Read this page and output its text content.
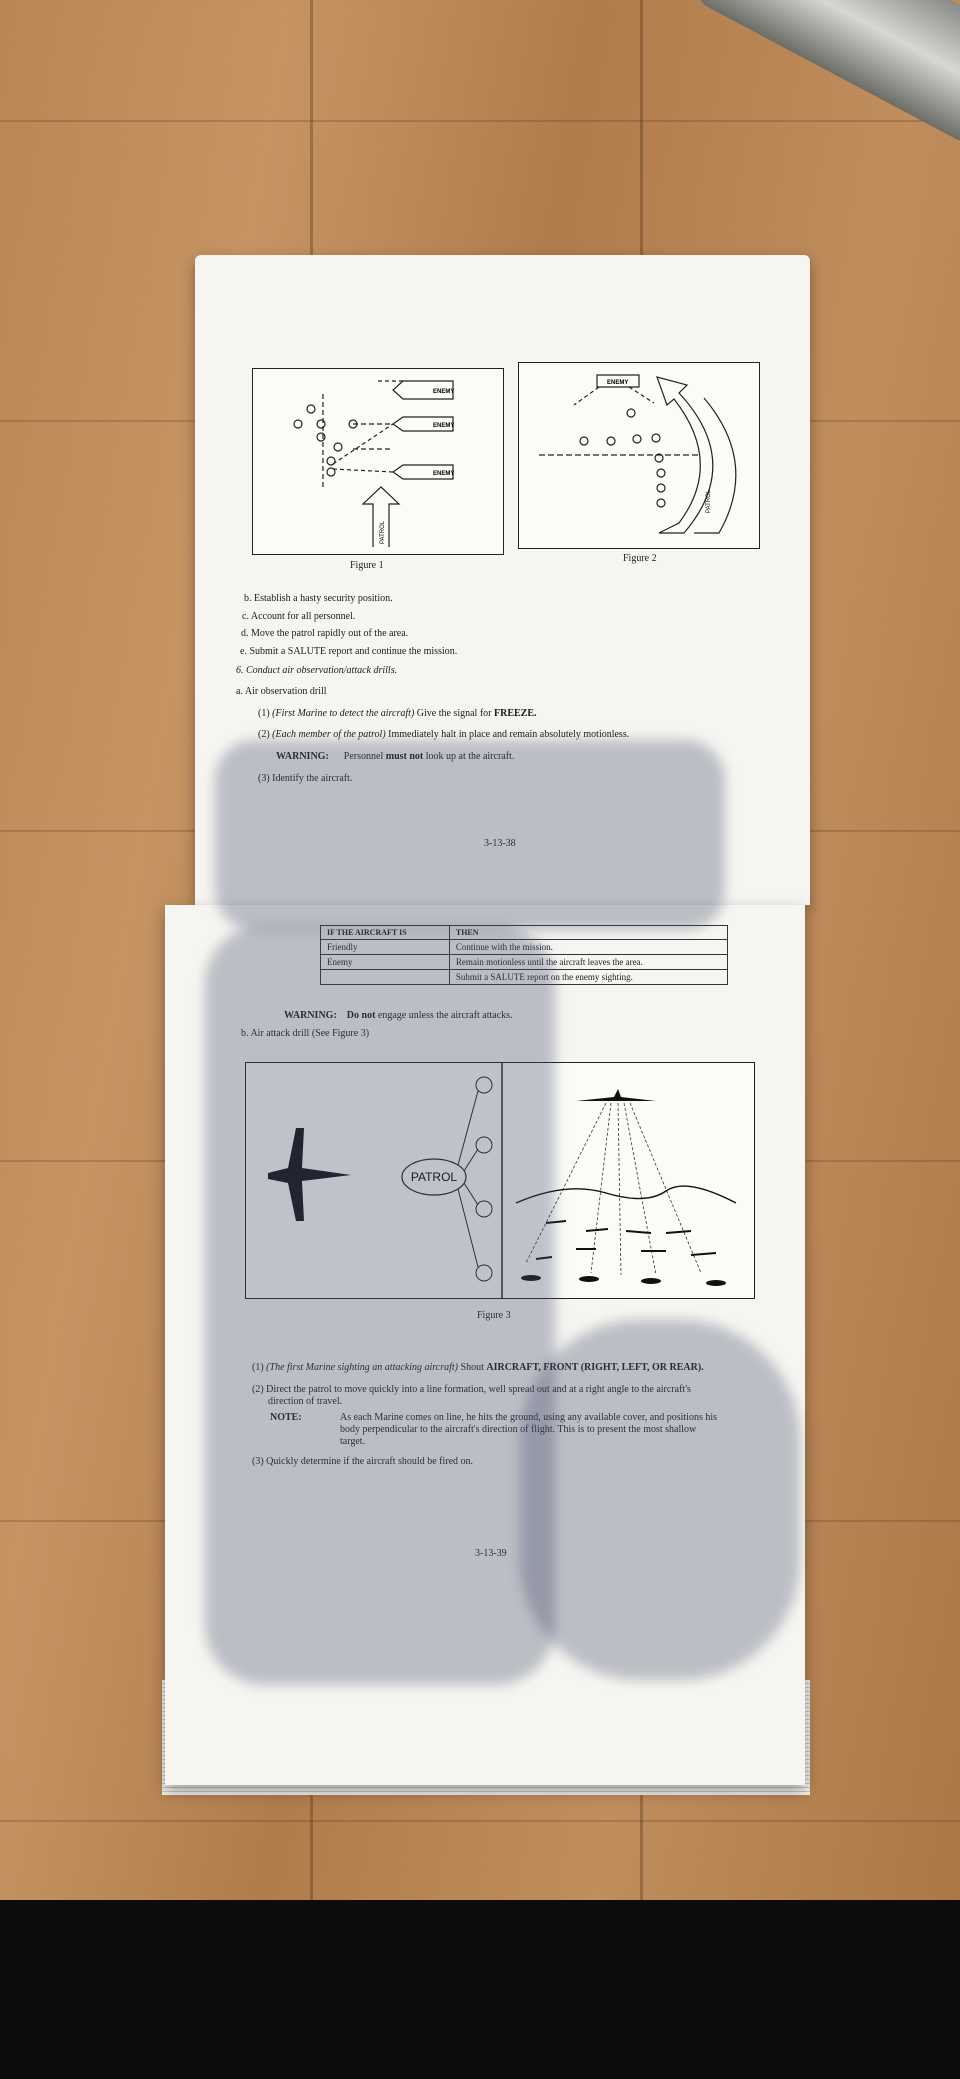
ENEMY
ENEMY
ENEMY
PATROL
Figure 1
ENEMY
PATROL
Figure 2
b. Establish a hasty security position.
c. Account for all personnel.
d. Move the patrol rapidly out of the area.
e. Submit a SALUTE report and continue the mission.
6. Conduct air observation/attack drills.
a. Air observation drill
(1) (First Marine to detect the aircraft) Give the signal for FREEZE.
(2) (Each member of the patrol) Immediately halt in place and remain absolutely motionless.
WARNING: Personnel must not look up at the aircraft.
(3) Identify the aircraft.
3-13-38
IF THE AIRCRAFT IS	THEN
Friendly	Continue with the mission.
Enemy	Remain motionless until the aircraft leaves the area.
	Submit a SALUTE report on the enemy sighting.
WARNING: Do not engage unless the aircraft attacks.
b. Air attack drill (See Figure 3)
PATROL
Figure 3
(1) (The first Marine sighting an attacking aircraft) Shout AIRCRAFT, FRONT (RIGHT, LEFT, OR REAR).
(2) Direct the patrol to move quickly into a line formation, well spread out and at a right angle to the aircraft's
direction of travel.
NOTE:	As each Marine comes on line, he hits the ground, using any available cover, and positions his
body perpendicular to the aircraft's direction of flight. This is to present the most shallow
target.
(3) Quickly determine if the aircraft should be fired on.
3-13-39
